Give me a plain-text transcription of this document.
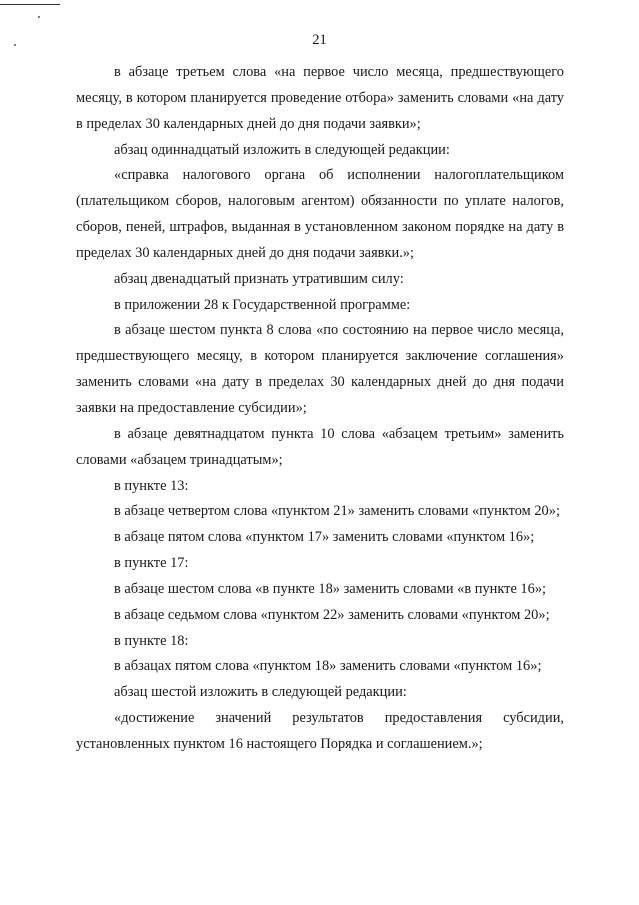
21

в абзаце третьем слова «на первое число месяца, предшествующего месяцу, в котором планируется проведение отбора» заменить словами «на дату в пределах 30 календарных дней до дня подачи заявки»;

абзац одиннадцатый изложить в следующей редакции:

«справка налогового органа об исполнении налогоплательщиком (плательщиком сборов, налоговым агентом) обязанности по уплате налогов, сборов, пеней, штрафов, выданная в установленном законом порядке на дату в пределах 30 календарных дней до дня подачи заявки.»;

абзац двенадцатый признать утратившим силу:

в приложении 28 к Государственной программе:

в абзаце шестом пункта 8 слова «по состоянию на первое число месяца, предшествующего месяцу, в котором планируется заключение соглашения» заменить словами «на дату в пределах 30 календарных дней до дня подачи заявки на предоставление субсидии»;

в абзаце девятнадцатом пункта 10 слова «абзацем третьим» заменить словами «абзацем тринадцатым»;

в пункте 13:

в абзаце четвертом слова «пунктом 21» заменить словами «пунктом 20»;

в абзаце пятом слова «пунктом 17» заменить словами «пунктом 16»;

в пункте 17:

в абзаце шестом слова «в пункте 18» заменить словами «в пункте 16»;

в абзаце седьмом слова «пунктом 22» заменить словами «пунктом 20»;

в пункте 18:

в абзацах пятом слова «пунктом 18» заменить словами «пунктом 16»;

абзац шестой изложить в следующей редакции:

«достижение значений результатов предоставления субсидии, установленных пунктом 16 настоящего Порядка и соглашением.»;
